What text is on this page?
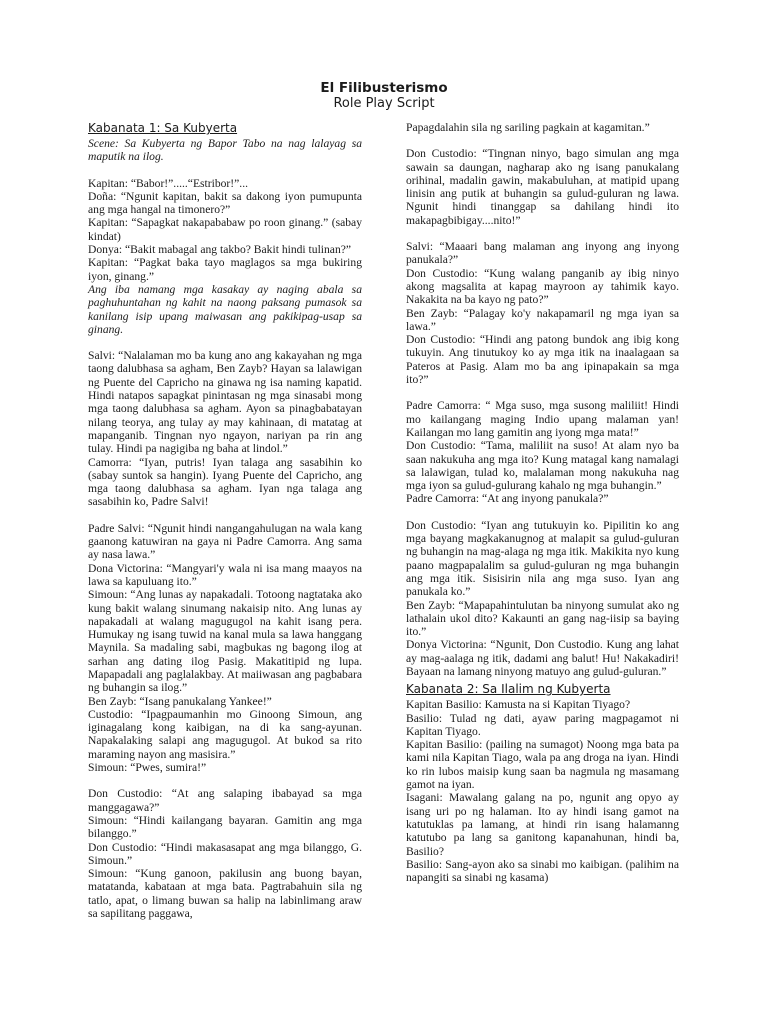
El Filibusterismo
Role Play Script
Kabanata 1: Sa Kubyerta

Scene: Sa Kubyerta ng Bapor Tabo na nag lalayag sa maputik na ilog.

Kapitan: “Babor!”.....“Estribor!”...

Doña: “Ngunit kapitan, bakit sa dakong iyon pumupunta ang mga hangal na timonero?”

Kapitan: “Sapagkat nakapababaw po roon ginang.” (sabay kindat)

Donya: “Bakit mabagal ang takbo? Bakit hindi tulinan?”

Kapitan: “Pagkat baka tayo maglagos sa mga bukiring iyon, ginang.”

Ang iba namang mga kasakay ay naging abala sa paghuhuntahan ng kahit na naong paksang pumasok sa kanilang isip upang maiwasan ang pakikipag-usap sa ginang.

Salvi: “Nalalaman mo ba kung ano ang kakayahan ng mga taong dalubhasa sa agham, Ben Zayb? Hayan sa lalawigan ng Puente del Capricho na ginawa ng isa naming kapatid. Hindi natapos sapagkat pinintasan ng mga sinasabi mong mga taong dalubhasa sa agham. Ayon sa pinagbabatayan nilang teorya, ang tulay ay may kahinaan, di matatag at mapanganib. Tingnan nyo ngayon, nariyan pa rin ang tulay. Hindi pa nagigiba ng baha at lindol.”

Camorra: “Iyan, putris! Iyan talaga ang sasabihin ko (sabay suntok sa hangin). Iyang Puente del Capricho, ang mga taong dalubhasa sa agham. Iyan nga talaga ang sasabihin ko, Padre Salvi!

Padre Salvi: “Ngunit hindi nangangahulugan na wala kang gaanong katuwiran na gaya ni Padre Camorra. Ang sama ay nasa lawa.”

Dona Victorina: “Mangyari'y wala ni isa mang maayos na lawa sa kapuluang ito.”

Simoun: “Ang lunas ay napakadali. Totoong nagtataka ako kung bakit walang sinumang nakaisip nito. Ang lunas ay napakadali at walang magugugol na kahit isang pera. Humukay ng isang tuwid na kanal mula sa lawa hanggang Maynila. Sa madaling sabi, magbukas ng bagong ilog at sarhan ang dating ilog Pasig. Makatitipid ng lupa. Mapapadali ang paglalakbay. At maiiwasan ang pagbabara ng buhangin sa ilog.”

Ben Zayb: “Isang panukalang Yankee!”

Custodio: “Ipagpaumanhin mo Ginoong Simoun, ang iginagalang kong kaibigan, na di ka sang-ayunan. Napakalaking salapi ang magugugol. At bukod sa rito maraming nayon ang masisira.”

Simoun: “Pwes, sumira!”

Don Custodio: “At ang salaping ibabayad sa mga manggagawa?”

Simoun: “Hindi kailangang bayaran. Gamitin ang mga bilanggo.”

Don Custodio: “Hindi makasasapat ang mga bilanggo, G. Simoun.”

Simoun: “Kung ganoon, pakilusin ang buong bayan, matatanda, kabataan at mga bata. Pagtrabahuin sila ng tatlo, apat, o limang buwan sa halip na labinlimang araw sa sapilitang paggawa,

Papagdalahin sila ng sariling pagkain at kagamitan.”

Don Custodio: “Tingnan ninyo, bago simulan ang mga sawain sa daungan, nagharap ako ng isang panukalang orihinal, madalin gawin, makabuluhan, at matipid upang linisin ang putik at buhangin sa gulud-guluran ng lawa. Ngunit hindi tinanggap sa dahilang hindi ito makapagbibigay....nito!”

Salvi: “Maaari bang malaman ang inyong ang inyong panukala?”

Don Custodio: “Kung walang panganib ay ibig ninyo akong magsalita at kapag mayroon ay tahimik kayo. Nakakita na ba kayo ng pato?”

Ben Zayb: “Palagay ko'y nakapamaril ng mga iyan sa lawa.”

Don Custodio: “Hindi ang patong bundok ang ibig kong tukuyin. Ang tinutukoy ko ay mga itik na inaalagaan sa Pateros at Pasig. Alam mo ba ang ipinapakain sa mga ito?”

Padre Camorra: “ Mga suso, mga susong maliliit! Hindi mo kailangang maging Indio upang malaman yan! Kailangan mo lang gamitin ang iyong mga mata!”

Don Custodio: “Tama, maliliit na suso! At alam nyo ba saan nakukuha ang mga ito? Kung matagal kang namalagi sa lalawigan, tulad ko, malalaman mong nakukuha nag mga iyon sa gulud-gulurang kahalo ng mga buhangin.”

Padre Camorra: “At ang inyong panukala?”

Don Custodio: “Iyan ang tutukuyin ko. Pipilitin ko ang mga bayang magkakanugnog at malapit sa gulud-guluran ng buhangin na mag-alaga ng mga itik. Makikita nyo kung paano magpapalalim sa gulud-guluran ng mga buhangin ang mga itik. Sisisirin nila ang mga suso. Iyan ang panukala ko.”

Ben Zayb: “Mapapahintulutan ba ninyong sumulat ako ng lathalain ukol dito? Kakaunti an gang nag-iisip sa baying ito.”

Donya Victorina: “Ngunit, Don Custodio. Kung ang lahat ay mag-aalaga ng itik, dadami ang balut! Hu! Nakakadiri! Bayaan na lamang ninyong matuyo ang gulud-guluran.”

Kabanata 2: Sa Ilalim ng Kubyerta

Kapitan Basilio: Kamusta na si Kapitan Tiyago?

Basilio: Tulad ng dati, ayaw paring magpagamot ni Kapitan Tiyago.

Kapitan Basilio: (pailing na sumagot) Noong mga bata pa kami nila Kapitan Tiago, wala pa ang droga na iyan. Hindi ko rin lubos maisip kung saan ba nagmula ng masamang gamot na iyan.

Isagani: Mawalang galang na po, ngunit ang opyo ay isang uri po ng halaman. Ito ay hindi isang gamot na katutuklas pa lamang, at hindi rin isang halamanng katutubo pa lang sa ganitong kapanahunan, hindi ba, Basilio?

Basilio: Sang-ayon ako sa sinabi mo kaibigan. (palihim na napangiti sa sinabi ng kasama)
